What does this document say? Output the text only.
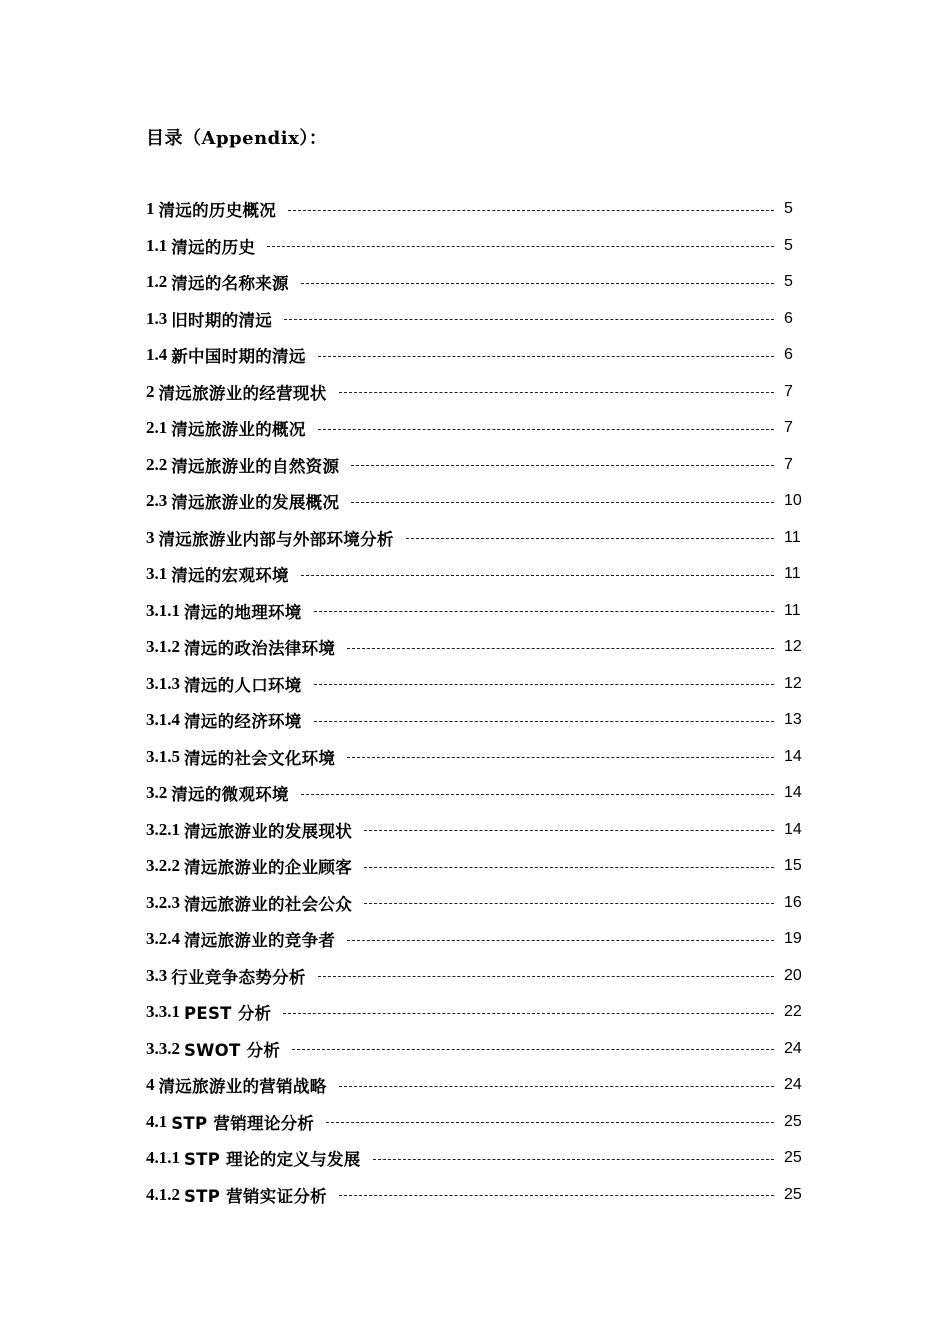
目录（Appendix）：
1 清远的历史概况	5
1.1 清远的历史	5
1.2 清远的名称来源	5
1.3 旧时期的清远	6
1.4 新中国时期的清远	6
2 清远旅游业的经营现状	7
2.1 清远旅游业的概况	7
2.2 清远旅游业的自然资源	7
2.3 清远旅游业的发展概况	10
3 清远旅游业内部与外部环境分析	11
3.1 清远的宏观环境	11
3.1.1 清远的地理环境	11
3.1.2 清远的政治法律环境	12
3.1.3 清远的人口环境	12
3.1.4 清远的经济环境	13
3.1.5 清远的社会文化环境	14
3.2 清远的微观环境	14
3.2.1 清远旅游业的发展现状	14
3.2.2 清远旅游业的企业顾客	15
3.2.3 清远旅游业的社会公众	16
3.2.4 清远旅游业的竞争者	19
3.3 行业竞争态势分析	20
3.3.1 PEST 分析	22
3.3.2 SWOT 分析	24
4 清远旅游业的营销战略	24
4.1 STP 营销理论分析	25
4.1.1 STP 理论的定义与发展	25
4.1.2 STP 营销实证分析	25
